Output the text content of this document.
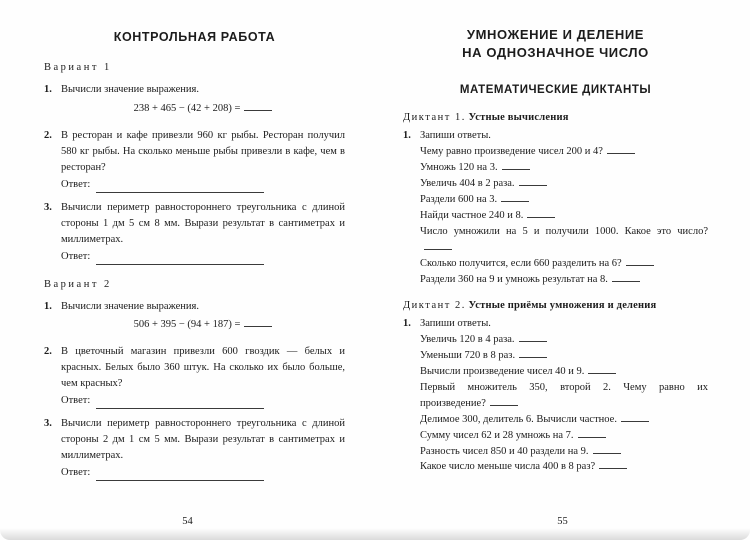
КОНТРОЛЬНАЯ РАБОТА
Вариант 1
1. Вычисли значение выражения.

238 + 465 − (42 + 208) =
2. В ресторан и кафе привезли 960 кг рыбы. Ресторан получил 580 кг рыбы. На сколько меньше рыбы привезли в кафе, чем в ресторан?

Ответ:
3. Вычисли периметр равностороннего треугольника с длиной стороны 1 дм 5 см 8 мм. Вырази результат в сантиметрах и миллиметрах.

Ответ:
Вариант 2
1. Вычисли значение выражения.

506 + 395 − (94 + 187) =
2. В цветочный магазин привезли 600 гвоздик — белых и красных. Белых было 360 штук. На сколько их было больше, чем красных?

Ответ:
3. Вычисли периметр равностороннего треугольника с длиной стороны 2 дм 1 см 5 мм. Вырази результат в сантиметрах и миллиметрах.

Ответ:
54
УМНОЖЕНИЕ И ДЕЛЕНИЕ
НА ОДНОЗНАЧНОЕ ЧИСЛО
МАТЕМАТИЧЕСКИЕ ДИКТАНТЫ
Диктант 1. Устные вычисления
1. Запиши ответы.

Чему равно произведение чисел 200 и 4?
Умножь 120 на 3.
Увеличь 404 в 2 раза.
Раздели 600 на 3.
Найди частное 240 и 8.
Число умножили на 5 и получили 1000. Какое это число?
Сколько получится, если 660 разделить на 6?
Раздели 360 на 9 и умножь результат на 8.
Диктант 2. Устные приёмы умножения и деления
1. Запиши ответы.

Увеличь 120 в 4 раза.
Уменьши 720 в 8 раз.
Вычисли произведение чисел 40 и 9.
Первый множитель 350, второй 2. Чему равно их произведение?
Делимое 300, делитель 6. Вычисли частное.
Сумму чисел 62 и 28 умножь на 7.
Разность чисел 850 и 40 раздели на 9.
Какое число меньше числа 400 в 8 раз?
55
